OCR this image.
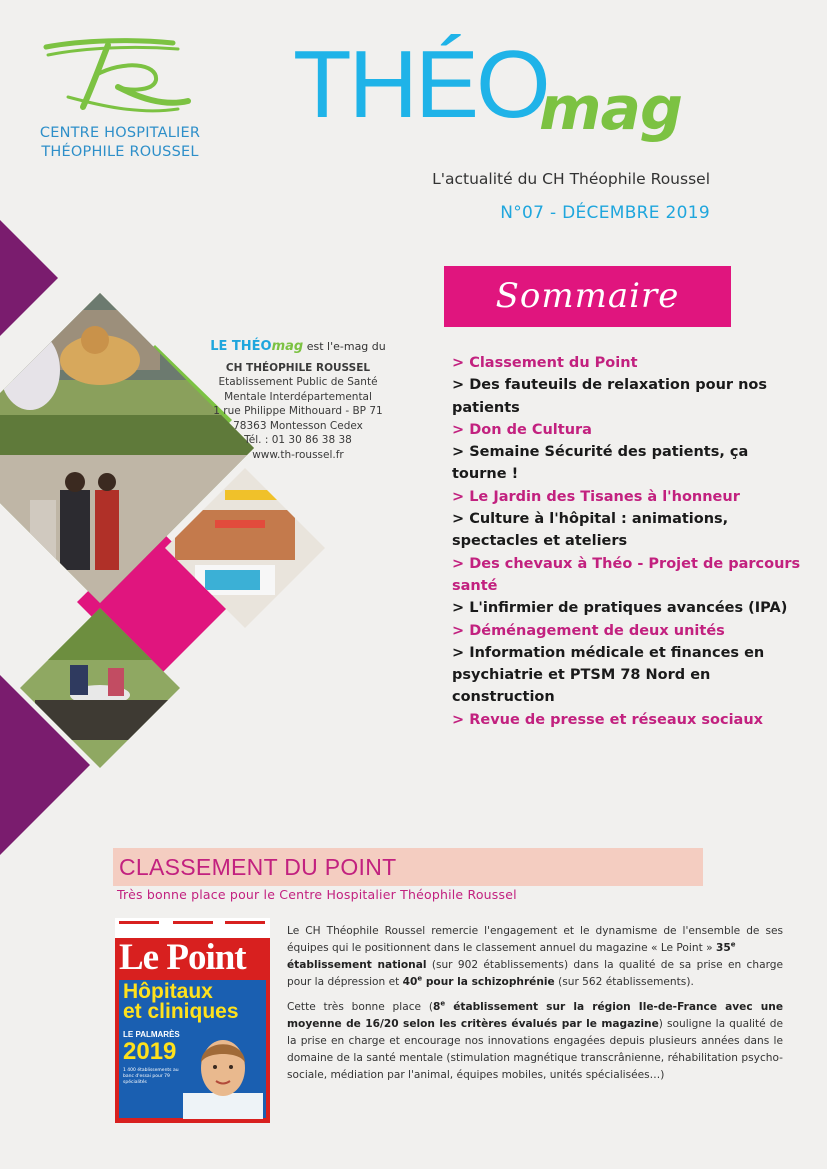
CENTRE HOSPITALIER
THÉOPHILE ROUSSEL
THÉO
mag
L'actualité du CH Théophile Roussel
N°07 - DÉCEMBRE 2019
LE THÉOmag est l'e-mag du
CH THÉOPHILE ROUSSEL
Etablissement Public de Santé
Mentale Interdépartemental
1 rue Philippe Mithouard - BP 71
78363 Montesson Cedex
Tél. : 01 30 86 38 38
www.th-roussel.fr
Sommaire
> Classement du Point
> Des fauteuils de relaxation pour nos patients
> Don de Cultura
> Semaine Sécurité des patients, ça tourne !
> Le Jardin des Tisanes à l'honneur
> Culture à l'hôpital : animations, spectacles et ateliers
> Des chevaux à Théo - Projet de parcours santé
> L'infirmier de pratiques avancées (IPA)
> Déménagement de deux unités
> Information médicale et finances en psychiatrie et PTSM 78 Nord en construction
> Revue de presse et réseaux sociaux
CLASSEMENT DU POINT
Très bonne place pour le Centre Hospitalier Théophile Roussel
Le Point
Hôpitaux
et cliniques
LE PALMARÈS
2019
1 400 établissements au banc d'essai pour 79 spécialités

Le CH Théophile Roussel remercie l'engagement et le dynamisme de l'ensemble de ses équipes qui le positionnent dans le classement annuel du magazine « Le Point » 35e
établissement national (sur 902 établissements) dans la qualité de sa prise en charge pour la dépression et 40e pour la schizophrénie (sur 562 établissements).

Cette très bonne place (8e établissement sur la région Ile-de-France avec une moyenne de 16/20 selon les critères évalués par le magazine) souligne la qualité de la prise en charge et encourage nos innovations engagées depuis plusieurs années dans le domaine de la santé mentale (stimulation magnétique transcrânienne, réhabilitation psycho-sociale, médiation par l'animal, équipes mobiles, unités spécialisées…)
